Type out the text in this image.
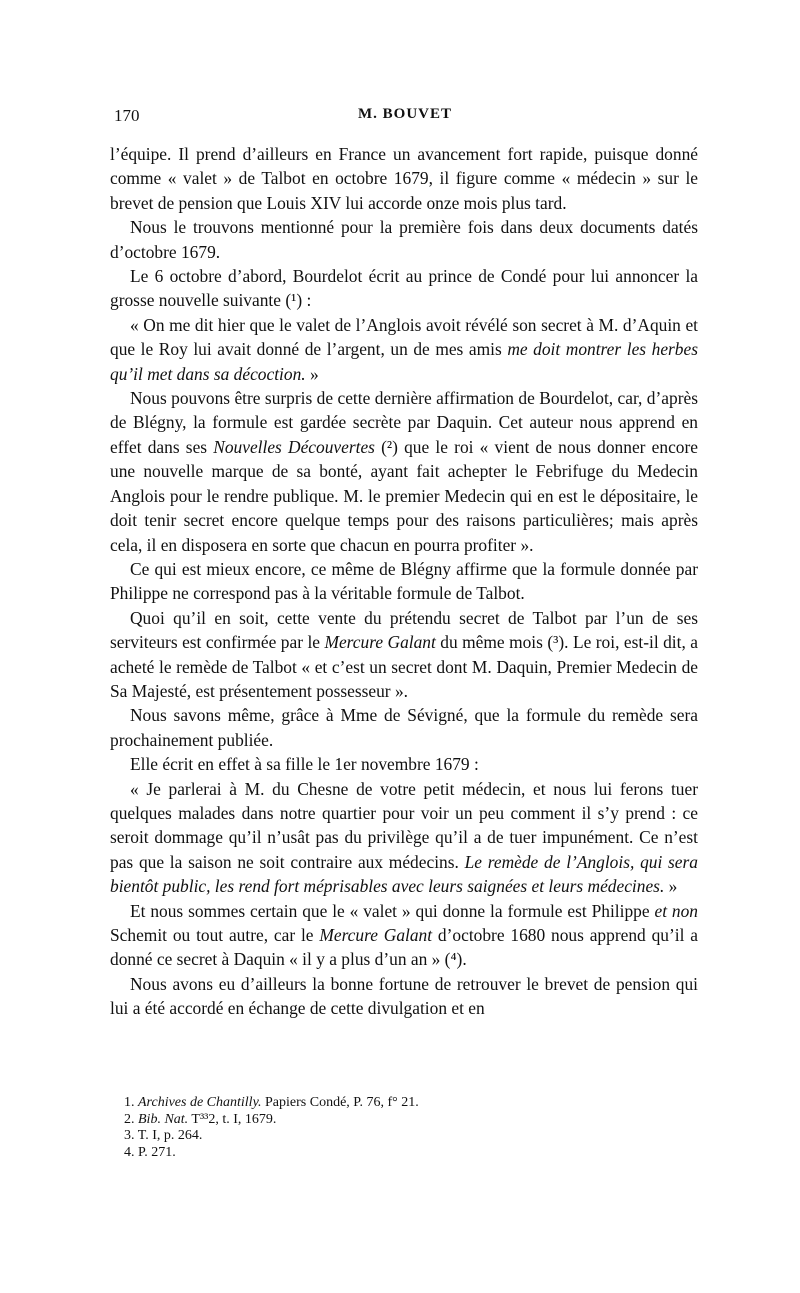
170	M. BOUVET

l’équipe. Il prend d’ailleurs en France un avancement fort rapide, puisque donné comme « valet » de Talbot en octobre 1679, il figure comme « médecin » sur le brevet de pension que Louis XIV lui accorde onze mois plus tard.

Nous le trouvons mentionné pour la première fois dans deux documents datés d’octobre 1679.

Le 6 octobre d’abord, Bourdelot écrit au prince de Condé pour lui annoncer la grosse nouvelle suivante (¹) :

« On me dit hier que le valet de l’Anglois avoit révélé son secret à M. d’Aquin et que le Roy lui avait donné de l’argent, un de mes amis me doit montrer les herbes qu’il met dans sa décoction. »

Nous pouvons être surpris de cette dernière affirmation de Bourdelot, car, d’après de Blégny, la formule est gardée secrète par Daquin. Cet auteur nous apprend en effet dans ses Nouvelles Découvertes (²) que le roi « vient de nous donner encore une nouvelle marque de sa bonté, ayant fait achepter le Febrifuge du Medecin Anglois pour le rendre publique. M. le premier Medecin qui en est le dépositaire, le doit tenir secret encore quelque temps pour des raisons particulières; mais après cela, il en disposera en sorte que chacun en pourra profiter ».

Ce qui est mieux encore, ce même de Blégny affirme que la formule donnée par Philippe ne correspond pas à la véritable formule de Talbot.

Quoi qu’il en soit, cette vente du prétendu secret de Talbot par l’un de ses serviteurs est confirmée par le Mercure Galant du même mois (³). Le roi, est-il dit, a acheté le remède de Talbot « et c’est un secret dont M. Daquin, Premier Medecin de Sa Majesté, est présentement possesseur ».

Nous savons même, grâce à Mme de Sévigné, que la formule du remède sera prochainement publiée.

Elle écrit en effet à sa fille le 1er novembre 1679 :

« Je parlerai à M. du Chesne de votre petit médecin, et nous lui ferons tuer quelques malades dans notre quartier pour voir un peu comment il s’y prend : ce seroit dommage qu’il n’usât pas du privilège qu’il a de tuer impunément. Ce n’est pas que la saison ne soit contraire aux médecins. Le remède de l’Anglois, qui sera bientôt public, les rend fort méprisables avec leurs saignées et leurs médecines. »

Et nous sommes certain que le « valet » qui donne la formule est Philippe et non Schemit ou tout autre, car le Mercure Galant d’octobre 1680 nous apprend qu’il a donné ce secret à Daquin « il y a plus d’un an » (⁴).

Nous avons eu d’ailleurs la bonne fortune de retrouver le brevet de pension qui lui a été accordé en échange de cette divulgation et en

1. Archives de Chantilly. Papiers Condé, P. 76, f° 21.
2. Bib. Nat. T³³2, t. I, 1679.
3. T. I, p. 264.
4. P. 271.
